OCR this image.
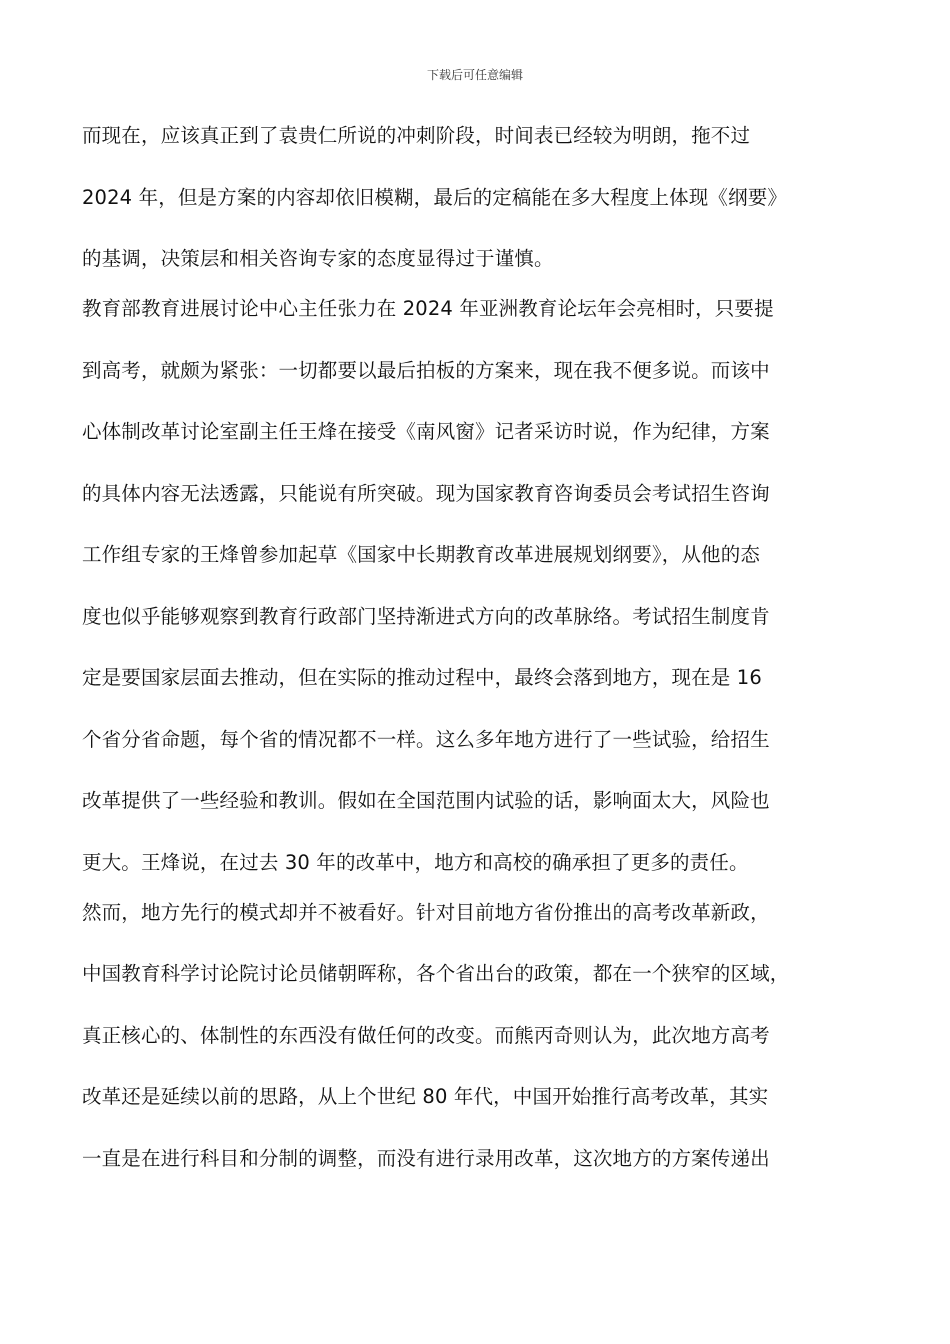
下载后可任意编辑
而现在，应该真正到了袁贵仁所说的冲刺阶段，时间表已经较为明朗，拖不过
2024 年，但是方案的内容却依旧模糊，最后的定稿能在多大程度上体现《纲要》
的基调，决策层和相关咨询专家的态度显得过于谨慎。
教育部教育进展讨论中心主任张力在 2024 年亚洲教育论坛年会亮相时，只要提
到高考，就颇为紧张：一切都要以最后拍板的方案来，现在我不便多说。而该中
心体制改革讨论室副主任王烽在接受《南风窗》记者采访时说，作为纪律，方案
的具体内容无法透露，只能说有所突破。现为国家教育咨询委员会考试招生咨询
工作组专家的王烽曾参加起草《国家中长期教育改革进展规划纲要》，从他的态
度也似乎能够观察到教育行政部门坚持渐进式方向的改革脉络。考试招生制度肯
定是要国家层面去推动，但在实际的推动过程中，最终会落到地方，现在是 16
个省分省命题，每个省的情况都不一样。这么多年地方进行了一些试验，给招生
改革提供了一些经验和教训。假如在全国范围内试验的话，影响面太大，风险也
更大。王烽说，在过去 30 年的改革中，地方和高校的确承担了更多的责任。
然而，地方先行的模式却并不被看好。针对目前地方省份推出的高考改革新政，
中国教育科学讨论院讨论员储朝晖称，各个省出台的政策，都在一个狭窄的区域，
真正核心的、体制性的东西没有做任何的改变。而熊丙奇则认为，此次地方高考
改革还是延续以前的思路，从上个世纪 80 年代，中国开始推行高考改革，其实
一直是在进行科目和分制的调整，而没有进行录用改革，这次地方的方案传递出
